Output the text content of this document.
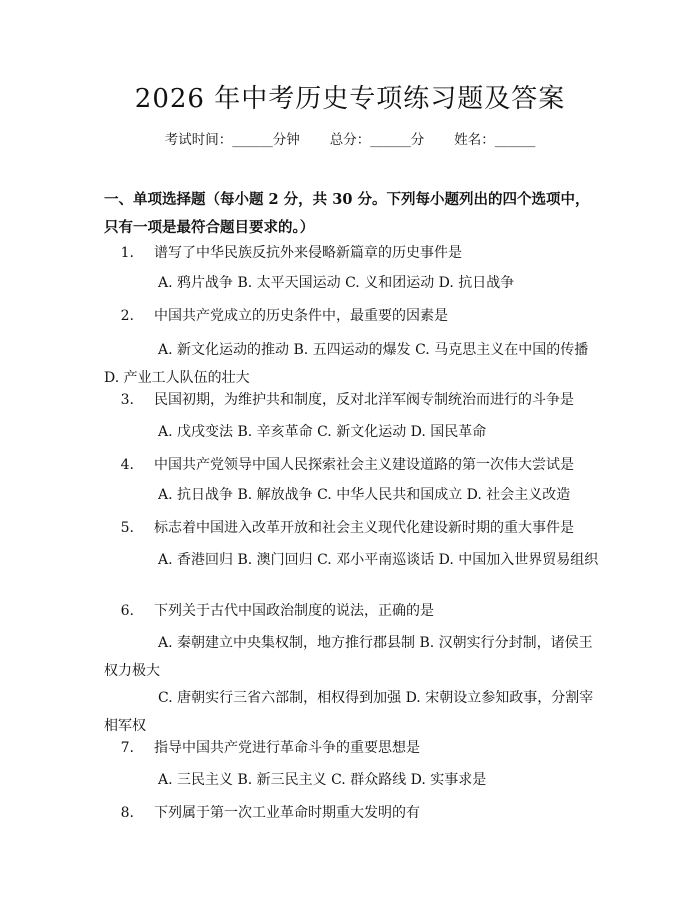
2026 年中考历史专项练习题及答案
考试时间：______分钟 总分：______分 姓名：______
一、单项选择题（每小题 2 分，共 30 分。下列每小题列出的四个选项中，只有一项是最符合题目要求的。）
1. 谱写了中华民族反抗外来侵略新篇章的历史事件是
A. 鸦片战争 B. 太平天国运动 C. 义和团运动 D. 抗日战争
2. 中国共产党成立的历史条件中，最重要的因素是
A. 新文化运动的推动 B. 五四运动的爆发 C. 马克思主义在中国的传播 D. 产业工人队伍的壮大
3. 民国初期，为维护共和制度，反对北洋军阀专制统治而进行的斗争是
A. 戊戌变法 B. 辛亥革命 C. 新文化运动 D. 国民革命
4. 中国共产党领导中国人民探索社会主义建设道路的第一次伟大尝试是
A. 抗日战争 B. 解放战争 C. 中华人民共和国成立 D. 社会主义改造
5. 标志着中国进入改革开放和社会主义现代化建设新时期的重大事件是
A. 香港回归 B. 澳门回归 C. 邓小平南巡谈话 D. 中国加入世界贸易组织
6. 下列关于古代中国政治制度的说法，正确的是
A. 秦朝建立中央集权制，地方推行郡县制 B. 汉朝实行分封制，诸侯王权力极大
C. 唐朝实行三省六部制，相权得到加强 D. 宋朝设立参知政事，分割宰相军权
7. 指导中国共产党进行革命斗争的重要思想是
A. 三民主义 B. 新三民主义 C. 群众路线 D. 实事求是
8. 下列属于第一次工业革命时期重大发明的有
